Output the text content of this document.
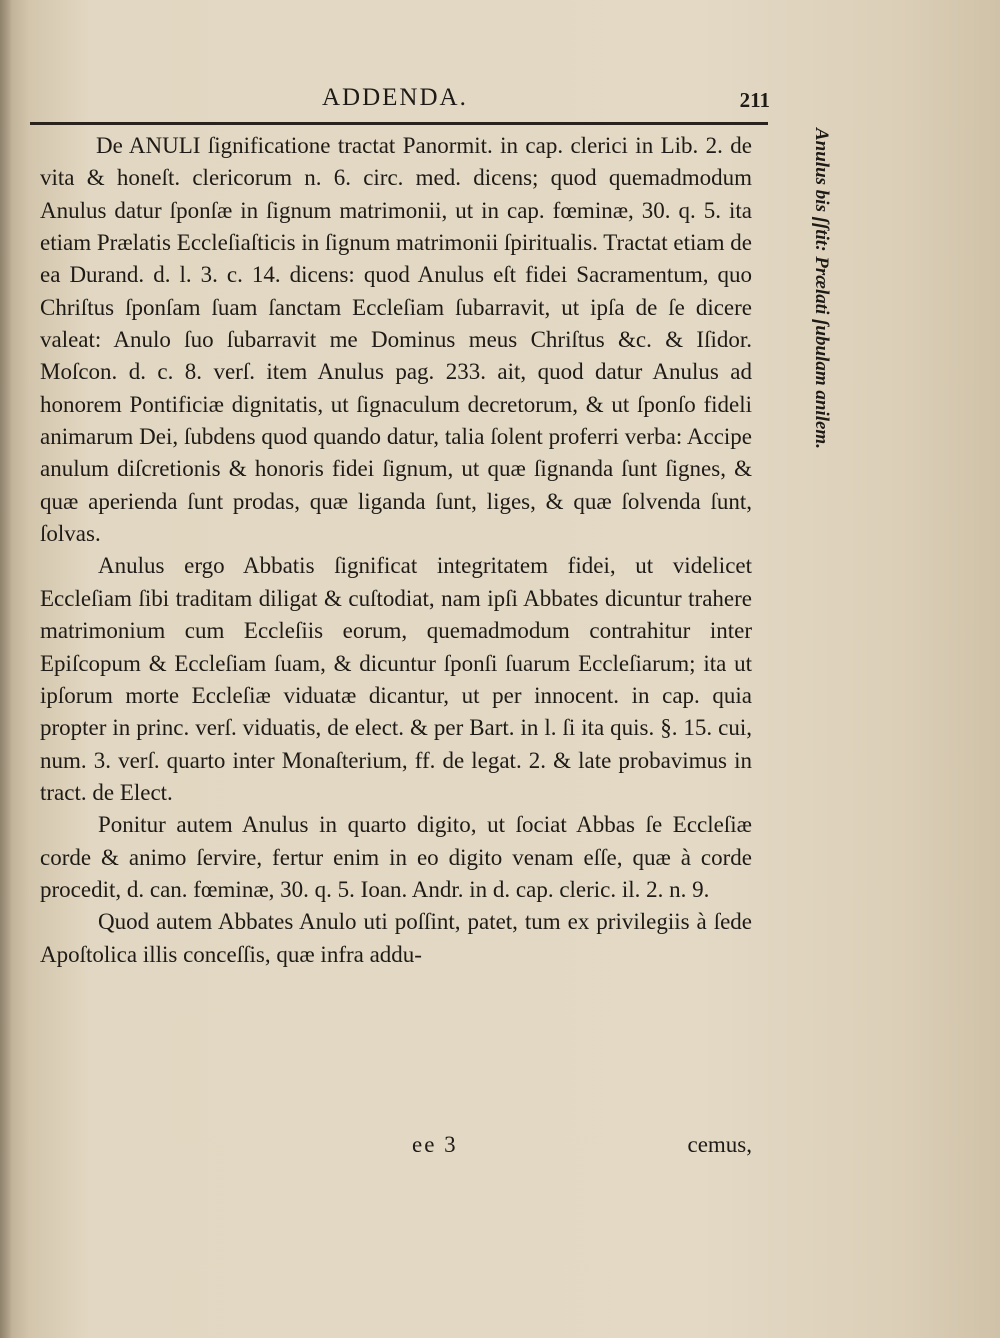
ADDENDA.	211

De ANULI ſignificatione tractat Panormit. in cap. clerici in Lib. 2. de vita & honeſt. clericorum n. 6. circ. med. dicens; quod quemadmodum Anulus datur ſponſæ in ſignum matrimonii, ut in cap. fœminæ, 30. q. 5. ita etiam Prælatis Eccleſiaſticis in ſignum matrimonii ſpiritualis. Tractat etiam de ea Durand. d. l. 3. c. 14. dicens: quod Anulus eſt fidei Sacramentum, quo Chriſtus ſponſam ſuam ſanctam Eccleſiam ſubarravit, ut ipſa de ſe dicere valeat: Anulo ſuo ſubarravit me Dominus meus Chriſtus &c. & Iſidor. Moſcon. d. c. 8. verſ. item Anulus pag. 233. ait, quod datur Anulus ad honorem Pontificiæ dignitatis, ut ſignaculum decretorum, & ut ſponſo fideli animarum Dei, ſubdens quod quando datur, talia ſolent proferri verba: Accipe anulum diſcretionis & honoris fidei ſignum, ut quæ ſignanda ſunt ſignes, & quæ aperienda ſunt prodas, quæ liganda ſunt, liges, & quæ ſolvenda ſunt, ſolvas.

Anulus ergo Abbatis ſignificat integritatem fidei, ut videlicet Eccleſiam ſibi traditam diligat & cuſtodiat, nam ipſi Abbates dicuntur trahere matrimonium cum Eccleſiis eorum, quemadmodum contrahitur inter Epiſcopum & Eccleſiam ſuam, & dicuntur ſponſi ſuarum Eccleſiarum; ita ut ipſorum morte Eccleſiæ viduatæ dicantur, ut per innocent. in cap. quia propter in princ. verſ. viduatis, de elect. & per Bart. in l. ſi ita quis. §. 15. cui, num. 3. verſ. quarto inter Monaſterium, ff. de legat. 2. & late probavimus in tract. de Elect.

Ponitur autem Anulus in quarto digito, ut ſociat Abbas ſe Eccleſiæ corde & animo ſervire, fertur enim in eo digito venam eſſe, quæ à corde procedit, d. can. fœminæ, 30. q. 5. Ioan. Andr. in d. cap. cleric. il. 2. n. 9.

Quod autem Abbates Anulo uti poſſint, patet, tum ex privilegiis à ſede Apoſtolica illis conceſſis, quæ infra addu-

Anulus bis ſſtit: Prælati ſubulam anilem.
ee 3	cemus,
